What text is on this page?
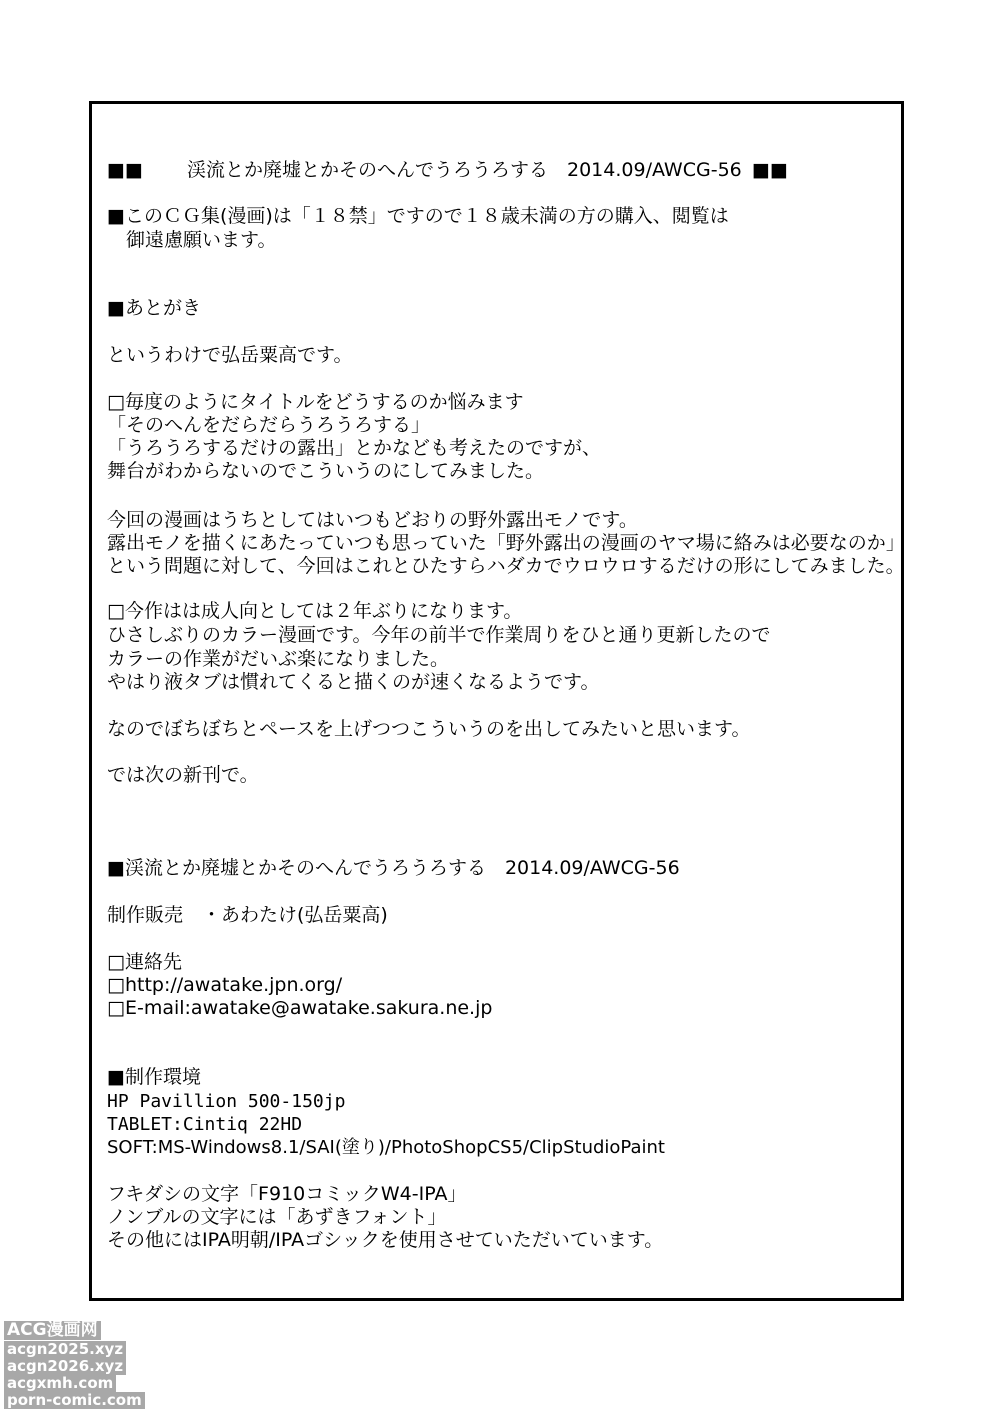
■■ 渓流とか廃墟とかそのへんでうろうろする　2014.09/AWCG-56 ■■
■このＣＧ集(漫画)は「１８禁」ですので１８歳未満の方の購入、閲覧は
　御遠慮願います。
■あとがき
というわけで弘岳粟高です。
□毎度のようにタイトルをどうするのか悩みます
「そのへんをだらだらうろうろする」
「うろうろするだけの露出」とかなども考えたのですが、
舞台がわからないのでこういうのにしてみました。
今回の漫画はうちとしてはいつもどおりの野外露出モノです。
露出モノを描くにあたっていつも思っていた「野外露出の漫画のヤマ場に絡みは必要なのか」
という問題に対して、今回はこれとひたすらハダカでウロウロするだけの形にしてみました。
□今作はは成人向としては２年ぶりになります。
ひさしぶりのカラー漫画です。今年の前半で作業周りをひと通り更新したので
カラーの作業がだいぶ楽になりました。
やはり液タブは慣れてくると描くのが速くなるようです。
なのでぼちぼちとペースを上げつつこういうのを出してみたいと思います。
では次の新刊で。
■渓流とか廃墟とかそのへんでうろうろする　2014.09/AWCG-56
制作販売　・あわたけ(弘岳粟高)
□連絡先
□http://awatake.jpn.org/
□E-mail:awatake@awatake.sakura.ne.jp
■制作環境
HP Pavillion 500-150jp
TABLET:Cintiq 22HD
SOFT:MS-Windows8.1/SAI(塗り)/PhotoShopCS5/ClipStudioPaint
フキダシの文字「F910コミックW4-IPA」
ノンブルの文字には「あずきフォント」
その他にはIPA明朝/IPAゴシックを使用させていただいています。
ACG漫画网
acgn2025.xyz
acgn2026.xyz
acgxmh.com
porn-comic.com
